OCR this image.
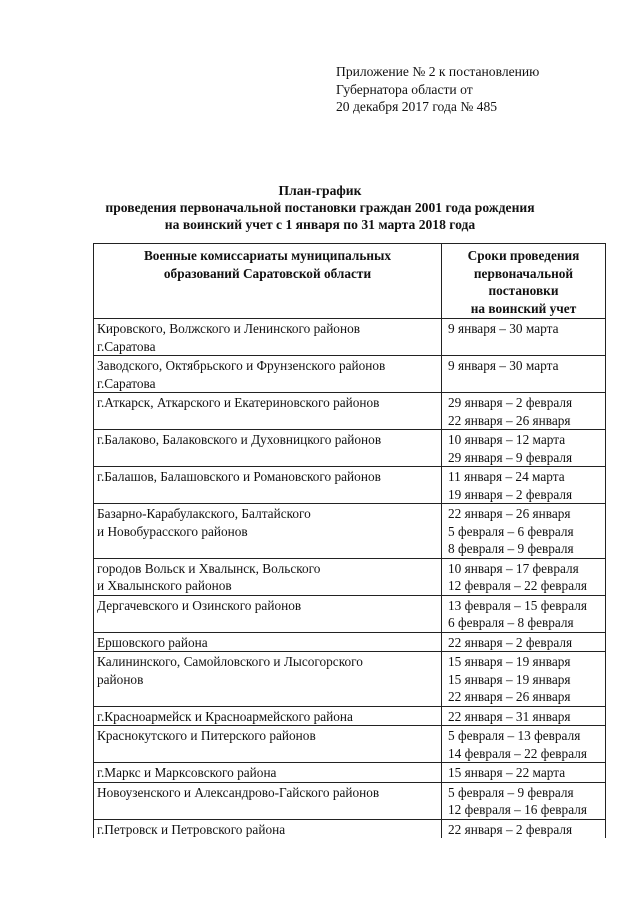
Приложение № 2 к постановлению
Губернатора области от
20 декабря 2017 года № 485
План-график
проведения первоначальной постановки граждан 2001 года рождения
на воинский учет с 1 января по 31 марта 2018 года
Военные комиссариаты муниципальных
образований Саратовской области	Сроки проведения
первоначальной
постановки
на воинский учет

Кировского, Волжского и Ленинского районов
г.Саратова	9 января – 30 марта

Заводского, Октябрьского и Фрунзенского районов
г.Саратова	9 января – 30 марта

г.Аткарск, Аткарского и Екатериновского районов	29 января – 2 февраля
22 января – 26 января

г.Балаково, Балаковского и Духовницкого районов	10 января – 12 марта
29 января – 9 февраля

г.Балашов, Балашовского и Романовского районов	11 января – 24 марта
19 января – 2 февраля

Базарно-Карабулакского, Балтайского
и Новобурасского районов	22 января – 26 января
5 февраля – 6 февраля
8 февраля – 9 февраля

городов Вольск и Хвалынск, Вольского
и Хвалынского районов	10 января – 17 февраля
12 февраля – 22 февраля

Дергачевского и Озинского районов	13 февраля – 15 февраля
6 февраля – 8 февраля

Ершовского района	22 января – 2 февраля

Калининского, Самойловского и Лысогорского
районов	15 января – 19 января
15 января – 19 января
22 января – 26 января

г.Красноармейск и Красноармейского района	22 января – 31 января

Краснокутского и Питерского районов	5 февраля – 13 февраля
14 февраля – 22 февраля

г.Маркс и Марксовского района	15 января – 22 марта

Новоузенского и Александрово-Гайского районов	5 февраля – 9 февраля
12 февраля – 16 февраля

г.Петровск и Петровского района	22 января – 2 февраля
